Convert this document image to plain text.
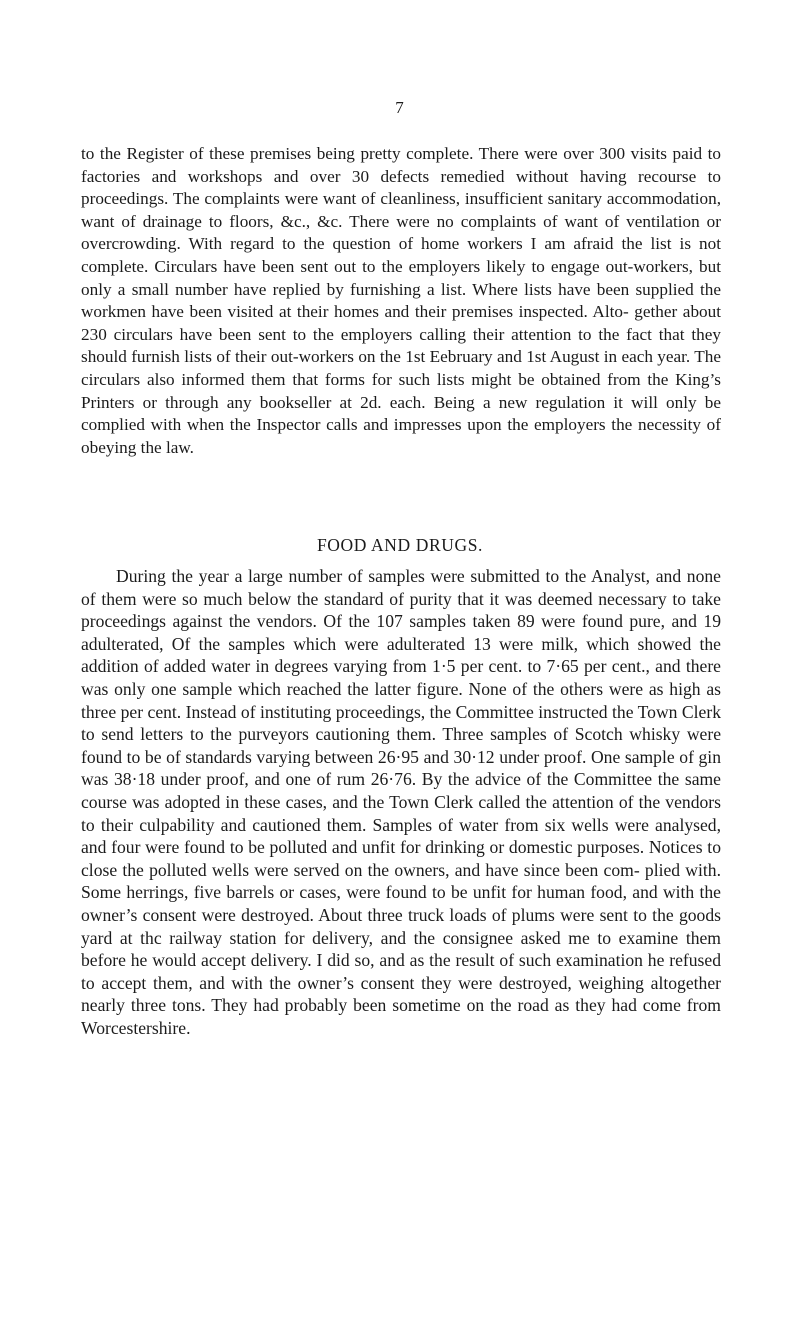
7

to the Register of these premises being pretty complete. There were over 300 visits paid to factories and workshops and over 30 defects remedied without having recourse to proceedings. The complaints were want of cleanliness, insufficient sanitary accommodation, want of drainage to floors, &c., &c. There were no complaints of want of ventilation or overcrowding. With regard to the question of home workers I am afraid the list is not complete. Circulars have been sent out to the employers likely to engage out-workers, but only a small number have replied by furnishing a list. Where lists have been supplied the workmen have been visited at their homes and their premises inspected. Alto- gether about 230 circulars have been sent to the employers calling their attention to the fact that they should furnish lists of their out-workers on the 1st Eebruary and 1st August in each year. The circulars also informed them that forms for such lists might be obtained from the King’s Printers or through any bookseller at 2d. each. Being a new regulation it will only be complied with when the Inspector calls and impresses upon the employers the necessity of obeying the law.

FOOD AND DRUGS.

During the year a large number of samples were submitted to the Analyst, and none of them were so much below the standard of purity that it was deemed necessary to take proceedings against the vendors. Of the 107 samples taken 89 were found pure, and 19 adulterated, Of the samples which were adulterated 13 were milk, which showed the addition of added water in degrees varying from 1·5 per cent. to 7·65 per cent., and there was only one sample which reached the latter figure. None of the others were as high as three per cent. Instead of instituting proceedings, the Committee instructed the Town Clerk to send letters to the purveyors cautioning them. Three samples of Scotch whisky were found to be of standards varying between 26·95 and 30·12 under proof. One sample of gin was 38·18 under proof, and one of rum 26·76. By the advice of the Committee the same course was adopted in these cases, and the Town Clerk called the attention of the vendors to their culpability and cautioned them. Samples of water from six wells were analysed, and four were found to be polluted and unfit for drinking or domestic purposes. Notices to close the polluted wells were served on the owners, and have since been com- plied with. Some herrings, five barrels or cases, were found to be unfit for human food, and with the owner’s consent were destroyed. About three truck loads of plums were sent to the goods yard at thc railway station for delivery, and the consignee asked me to examine them before he would accept delivery. I did so, and as the result of such examination he refused to accept them, and with the owner’s consent they were destroyed, weighing altogether nearly three tons. They had probably been sometime on the road as they had come from Worcestershire.
